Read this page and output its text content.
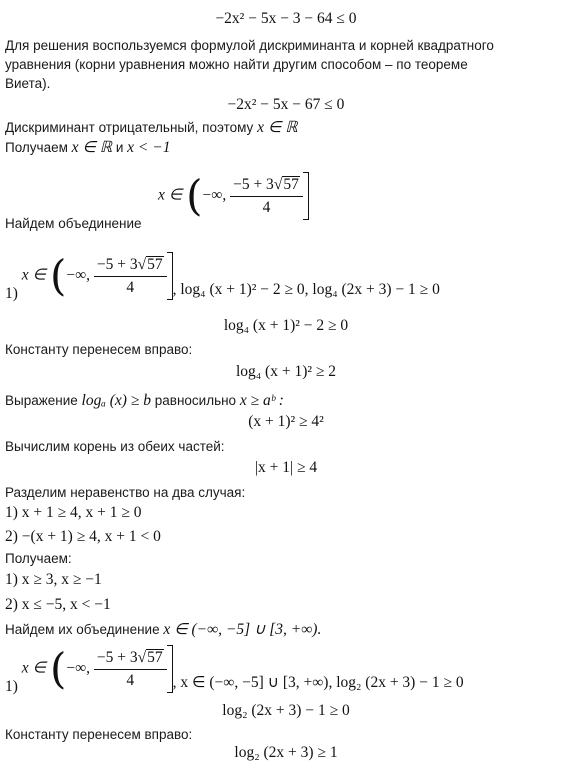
−2x² − 5x − 3 − 64 ≤ 0
Для решения воспользуемся формулой дискриминанта и корней квадратного
уравнения (корни уравнения можно найти другим способом – по теореме
Виета).
−2x² − 5x − 67 ≤ 0
Дискриминант отрицательный, поэтому x ∈ ℝ
Получаем x ∈ ℝ и x < −1
x ∈ (−∞, $\frac{-5 + 3√57}{4}$
Найдем объединение
1) x ∈ (−∞, $\frac{-5 + 3√57}{4}$ , log₄ (x + 1)² − 2 ≥ 0, log₄ (2x + 3) − 1 ≥ 0
log₄ (x + 1)² − 2 ≥ 0
Константу перенесем вправо:
log₄ (x + 1)² ≥ 2
Выражение logₐ (x) ≥ b равносильно x ≥ aᵇ :
(x + 1)² ≥ 4²
Вычислим корень из обеих частей:
|x + 1| ≥ 4
Разделим неравенство на два случая:
1) x + 1 ≥ 4, x + 1 ≥ 0
2) −(x + 1) ≥ 4, x + 1 < 0
Получаем:
1) x ≥ 3, x ≥ −1
2) x ≤ −5, x < −1
Найдем их объединение x ∈ (−∞, −5] ∪ [3, +∞).
1) x ∈ (−∞, $\frac{-5 + 3√57}{4}$ , x ∈ (−∞, −5] ∪ [3, +∞), log₂ (2x + 3) − 1 ≥ 0
log₂ (2x + 3) − 1 ≥ 0
Константу перенесем вправо:
log₂ (2x + 3) ≥ 1
